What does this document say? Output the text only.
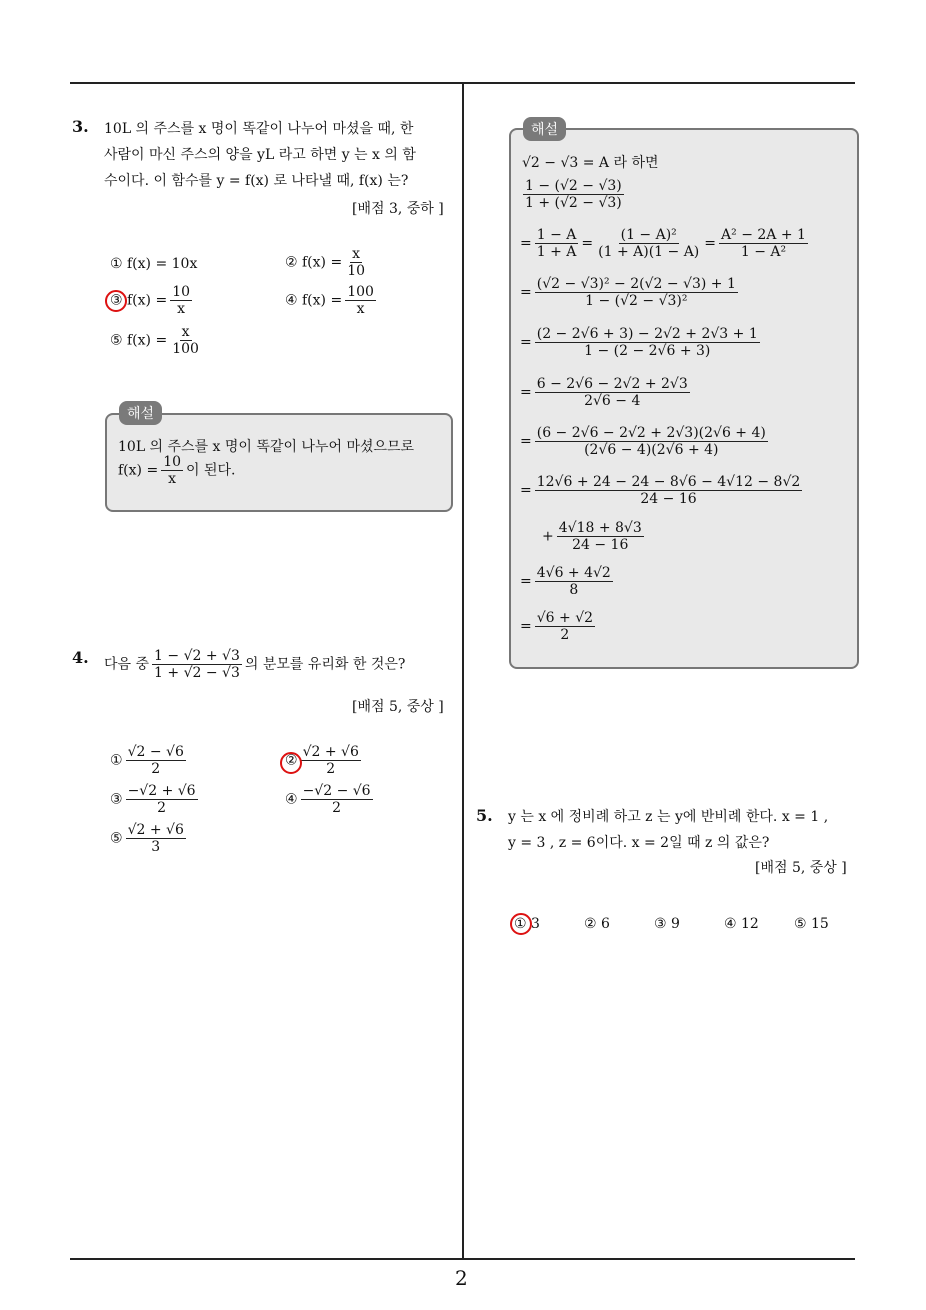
2
3. 10L 의 주스를 x 명이 똑같이 나누어 마셨을 때, 한
사람이 마신 주스의 양을 yL 라고 하면 y 는 x 의 함
수이다. 이 함수를 y = f(x) 로 나타낼 때, f(x) 는?
[배점 3, 중하 ]
① f(x) = 10x	② $f(x) = \frac{x}{10}$
③ $f(x) = \frac{10}{x}$	④ $f(x) = \frac{100}{x}$
⑤ $f(x) = \frac{x}{100}$
해설
10L 의 주스를 x 명이 똑같이 나누어 마셨으므로
$f(x) = \frac{10}{x}$ 이 된다.
4. 다음 중 $\frac{1 - √2 + √3}{1 + √2 - √3}$ 의 분모를 유리화 한 것은?
[배점 5, 중상 ]
① $\frac{√2 - √6}{2}$	② $\frac{√2 + √6}{2}$
③ $\frac{-√2 + √6}{2}$	④ $\frac{-√2 - √6}{2}$
⑤ $\frac{√2 + √6}{3}$
해설
√2 − √3 = A 라 하면
$\frac{1 - (√2 - √3)}{1 + (√2 - √3)}$
= $\frac{1 - A}{1 + A} = \frac{\text{(1 − A)²}}{(1 + A)(1 - A)} = \frac{\text{A² − 2A + 1}}{\text{1 − A²}}$
= $\frac{\text{(√2 − √3)² − 2(√2 − √3) + 1}}{\text{1 − (√2 − √3)²}}$
= $\frac{(2 - 2√6 + 3) - 2√2 + 2√3 + 1}{1 - (2 - 2√6 + 3)}$
= $\frac{6 - 2√6 - 2√2 + 2√3}{2√6 - 4}$
= $\frac{(6 - 2√6 - 2√2 + 2√3)(2√6 + 4)}{(2√6 - 4)(2√6 + 4)}$
= $\frac{12√6 + 24 - 24 - 8√6 - 4√12 - 8√2}{24 - 16}$
+ $\frac{4√18 + 8√3}{24 - 16}$
= $\frac{4√6 + 4√2}{8}$
= $\frac{√6 + √2}{2}$
5. y 는 x 에 정비례 하고 z 는 y에 반비례 한다. x = 1 ,
y = 3 , z = 6이다. x = 2일 때 z 의 값은?
[배점 5, 중상 ]
① 3	② 6	③ 9	④ 12	⑤ 15
